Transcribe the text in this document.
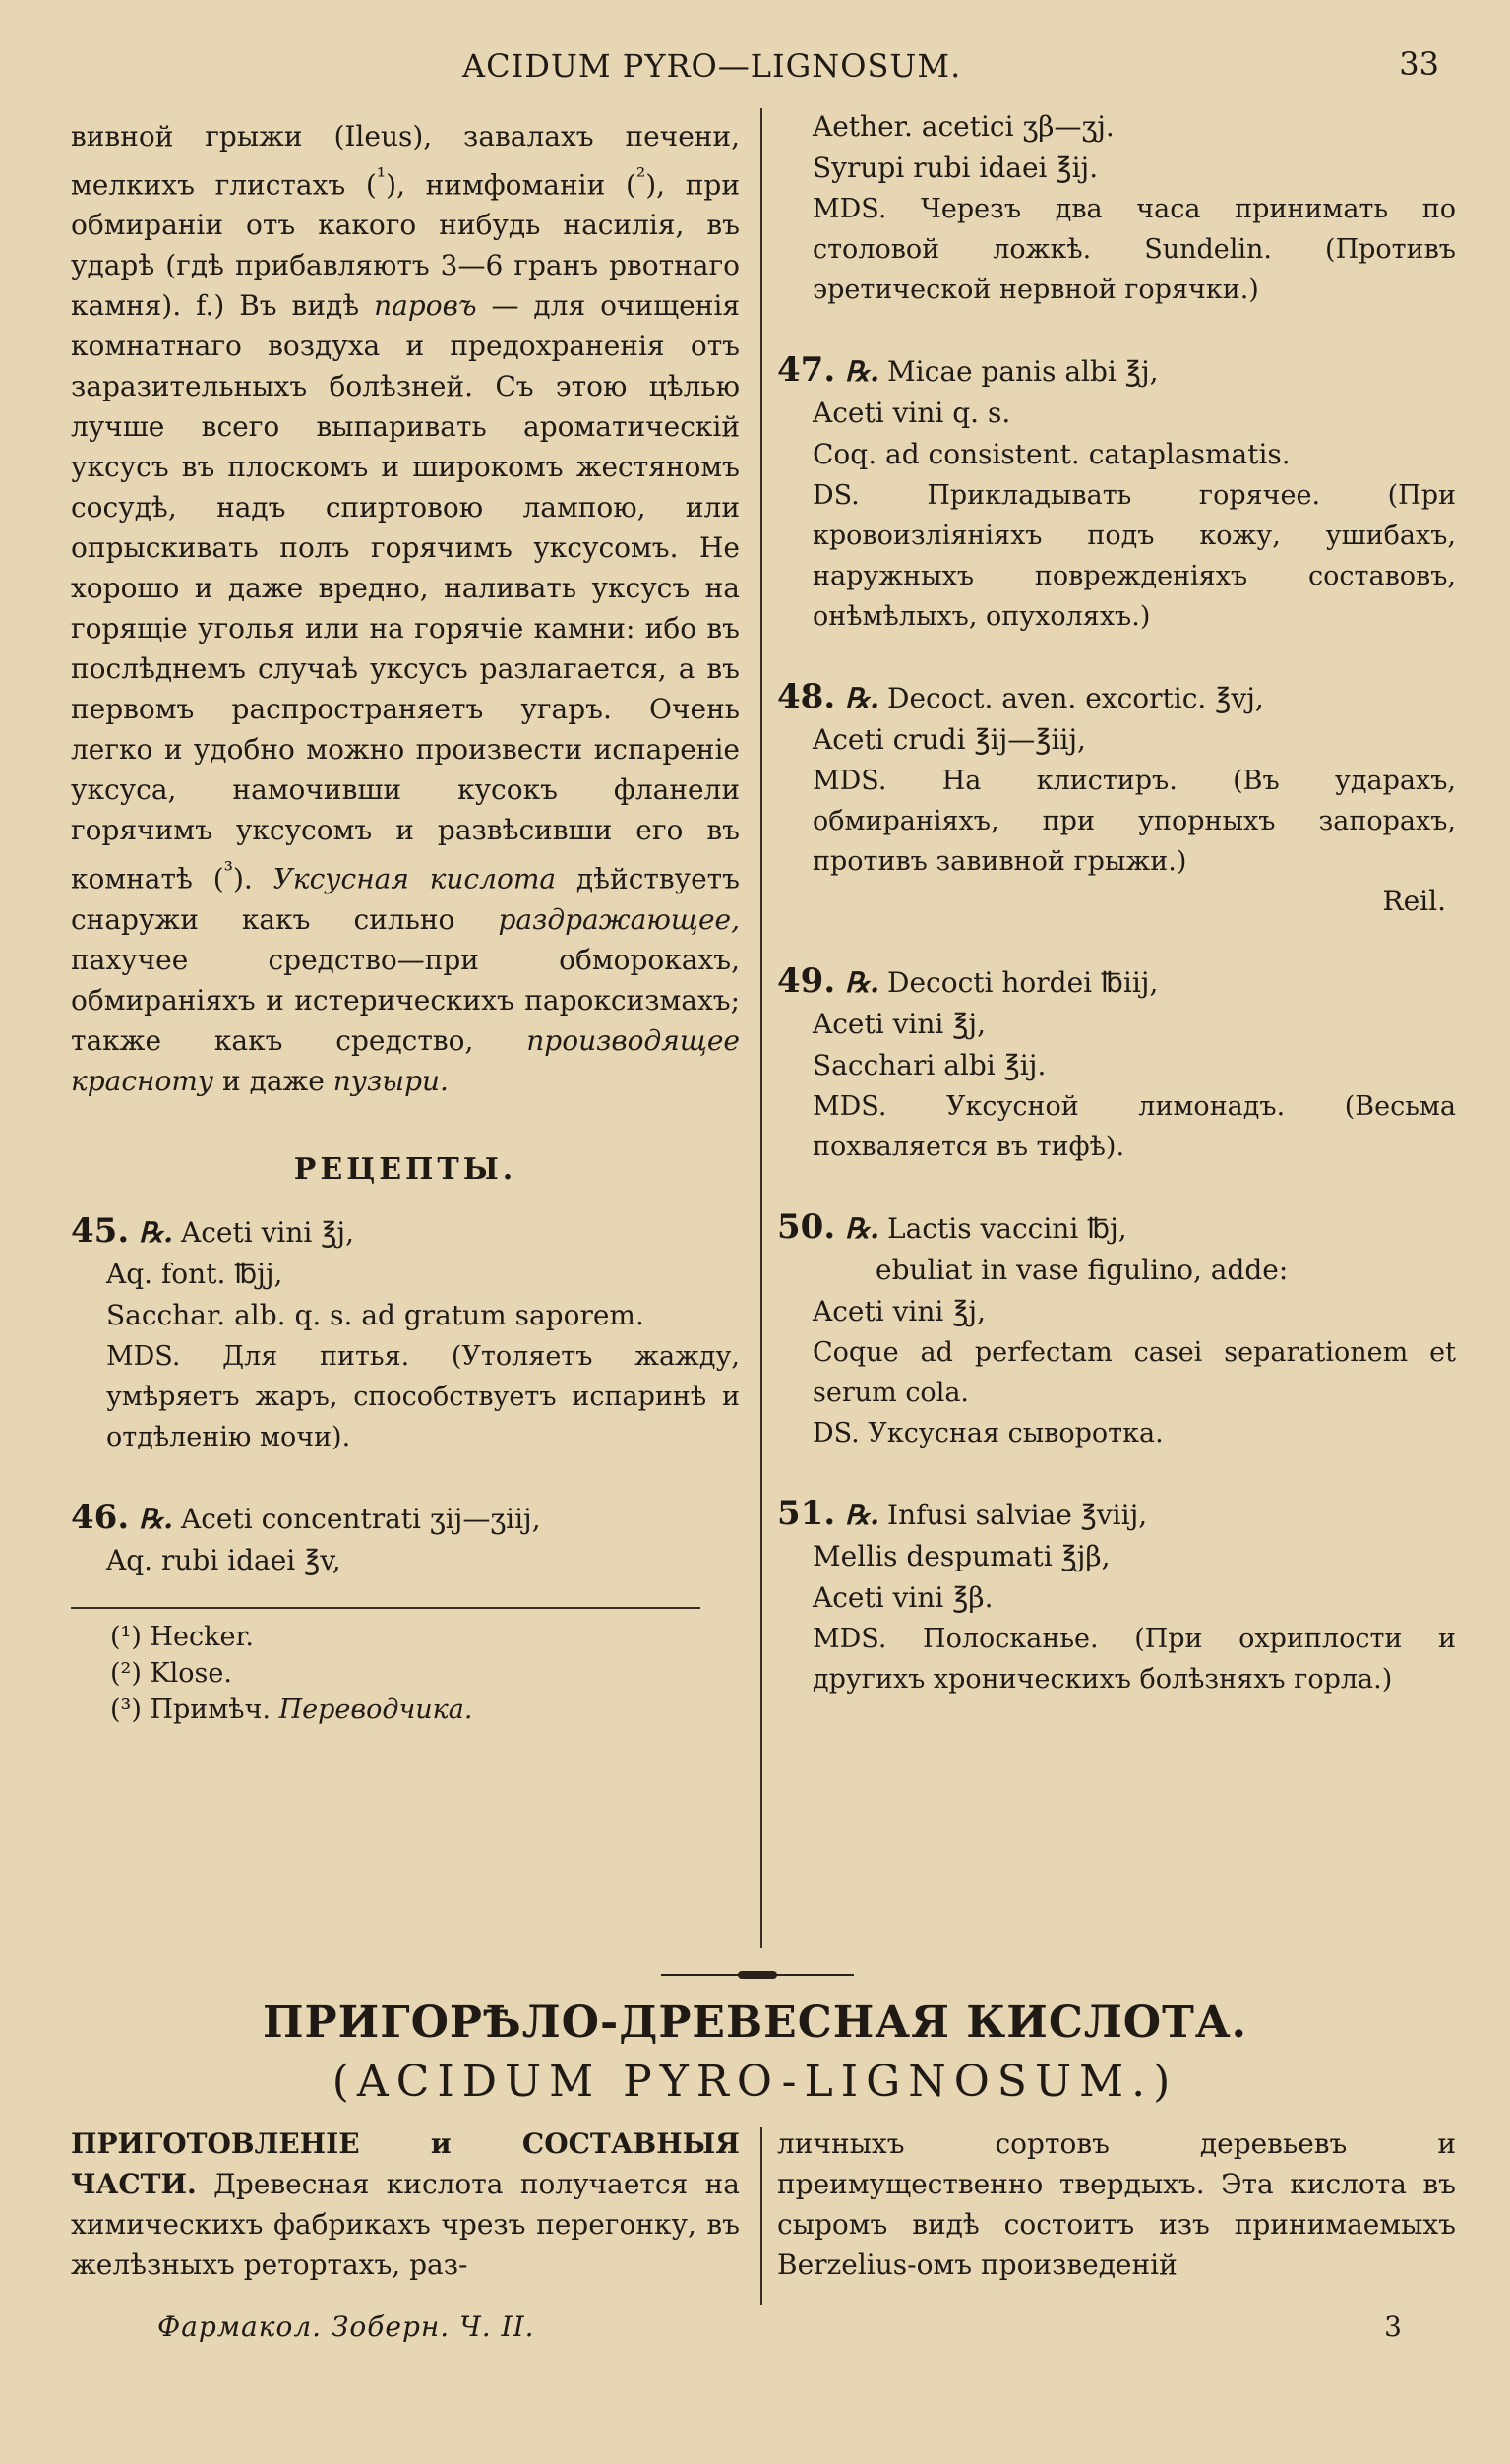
ACIDUM PYRO—LIGNOSUM.	33

вивной грыжи (Ileus), завалахъ печени, мелкихъ глистахъ ($^{^1}$), нимфоманіи ($^{^2}$), при обмираніи отъ какого нибудь насилія, въ ударѣ (гдѣ прибавляютъ 3—6 гранъ рвотнаго камня). f.) Въ видѣ паровъ — для очищенія комнатнаго воздуха и предохраненія отъ заразительныхъ болѣзней. Съ этою цѣлью лучше всего выпаривать ароматическій уксусъ въ плоскомъ и широкомъ жестяномъ сосудѣ, надъ спиртовою лампою, или опрыскивать полъ горячимъ уксусомъ. Не хорошо и даже вредно, наливать уксусъ на горящіе уголья или на горячіе камни: ибо въ послѣднемъ случаѣ уксусъ разлагается, а въ первомъ распространяетъ угаръ. Очень легко и удобно можно произвести испареніе уксуса, намочивши кусокъ фланели горячимъ уксусомъ и развѣсивши его въ комнатѣ ($^{^3}$). Уксусная кислота дѣйствуетъ снаружи какъ сильно раздражающее, пахучее средство—при обморокахъ, обмираніяхъ и истерическихъ пароксизмахъ; также какъ средство, производящее красноту и даже пузыри.

РЕЦЕПТЫ.
45. ℞. Aceti vini ℥j,
Aq. font. ℔jj,
Sacchar. alb. q. s. ad gratum saporem.
MDS. Для питья. (Утоляетъ жажду, умѣряетъ жаръ, способствуетъ испаринѣ и отдѣленію мочи).
46. ℞. Aceti concentrati ʒij—ʒiij,
Aq. rubi idaei ℥v,
(¹) Hecker.
(²) Klose.
(³) Примѣч. Переводчика.
Aether. acetici ʒβ—ʒj.
Syrupi rubi idaei ℥ij.
MDS. Черезъ два часа принимать по столовой ложкѣ. Sundelin. (Противъ эретической нервной горячки.)
47. ℞. Micae panis albi ℥j,
Aceti vini q. s.
Coq. ad consistent. cataplasmatis.
DS. Прикладывать горячее. (При кровоизліяніяхъ подъ кожу, ушибахъ, наружныхъ поврежденіяхъ составовъ, онѣмѣлыхъ, опухоляхъ.)
48. ℞. Decoct. aven. excortic. ℥vj,
Aceti crudi ℥ij—℥iij,
MDS. На клистиръ. (Въ ударахъ, обмираніяхъ, при упорныхъ запорахъ, противъ завивной грыжи.)
Reil.
49. ℞. Decocti hordei ℔iij,
Aceti vini ℥j,
Sacchari albi ℥ij.
MDS. Уксусной лимонадъ. (Весьма похваляется въ тифѣ).
50. ℞. Lactis vaccini ℔j,
ebuliat in vase figulino, adde:
Aceti vini ℥j,
Coque ad perfectam casei separationem et serum cola.
DS. Уксусная сыворотка.
51. ℞. Infusi salviae ℥viij,
Mellis despumati ℥jβ,
Aceti vini ℥β.
MDS. Полосканье. (При охриплости и другихъ хроническихъ болѣзняхъ горла.)
ПРИГОРѢЛО-ДРЕВЕСНАЯ КИСЛОТА.
(ACIDUM PYRO-LIGNOSUM.)

ПРИГОТОВЛЕНІЕ и СОСТАВНЫЯ ЧАСТИ. Древесная кислота получается на химическихъ фабрикахъ чрезъ перегонку, въ желѣзныхъ ретортахъ, раз-

личныхъ сортовъ деревьевъ и преимущественно твердыхъ. Эта кислота въ сыромъ видѣ состоитъ изъ принимаемыхъ Berzelius-омъ произведеній

Фармакол. Зоберн. Ч. II.	3
